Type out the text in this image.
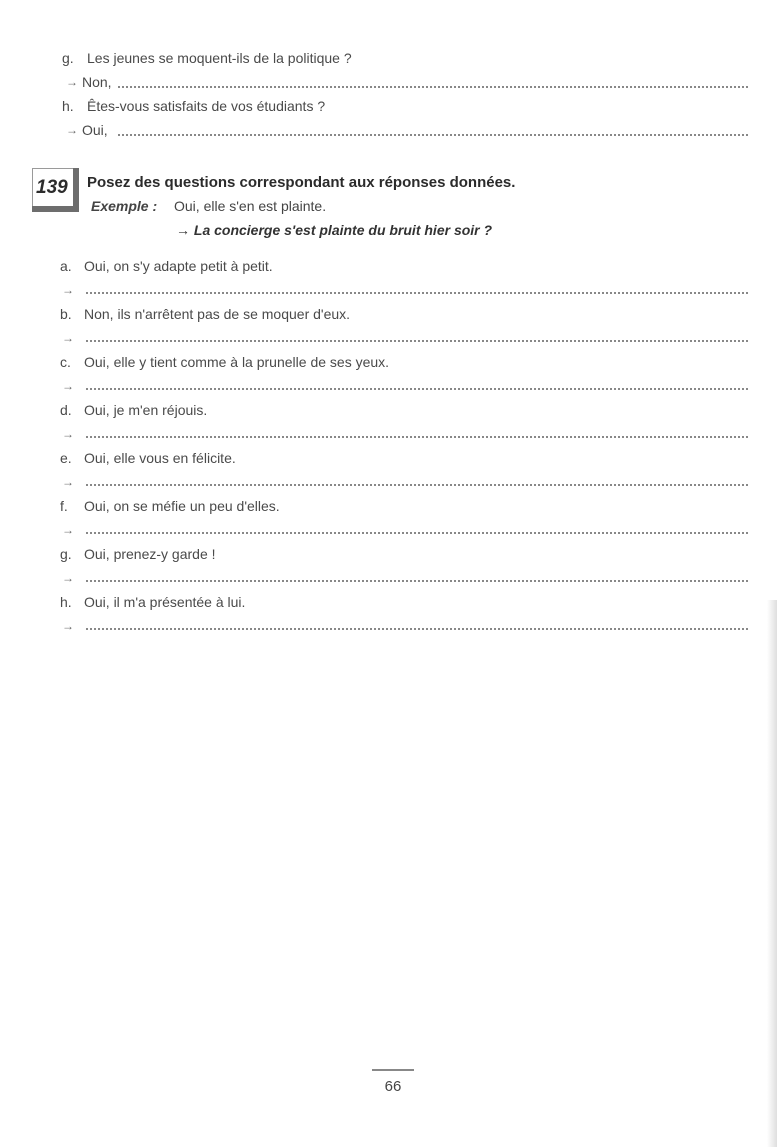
g. Les jeunes se moquent-ils de la politique ?
→ Non,
h. Êtes-vous satisfaits de vos étudiants ?
→ Oui,
139	Posez des questions correspondant aux réponses données.
Exemple : Oui, elle s'en est plainte.
→ La concierge s'est plainte du bruit hier soir ?
a. Oui, on s'y adapte petit à petit.
→
b. Non, ils n'arrêtent pas de se moquer d'eux.
→
c. Oui, elle y tient comme à la prunelle de ses yeux.
→
d. Oui, je m'en réjouis.
→
e. Oui, elle vous en félicite.
→
f.	Oui, on se méfie un peu d'elles.
→
g. Oui, prenez-y garde !
→
h. Oui, il m'a présentée à lui.
→
66
